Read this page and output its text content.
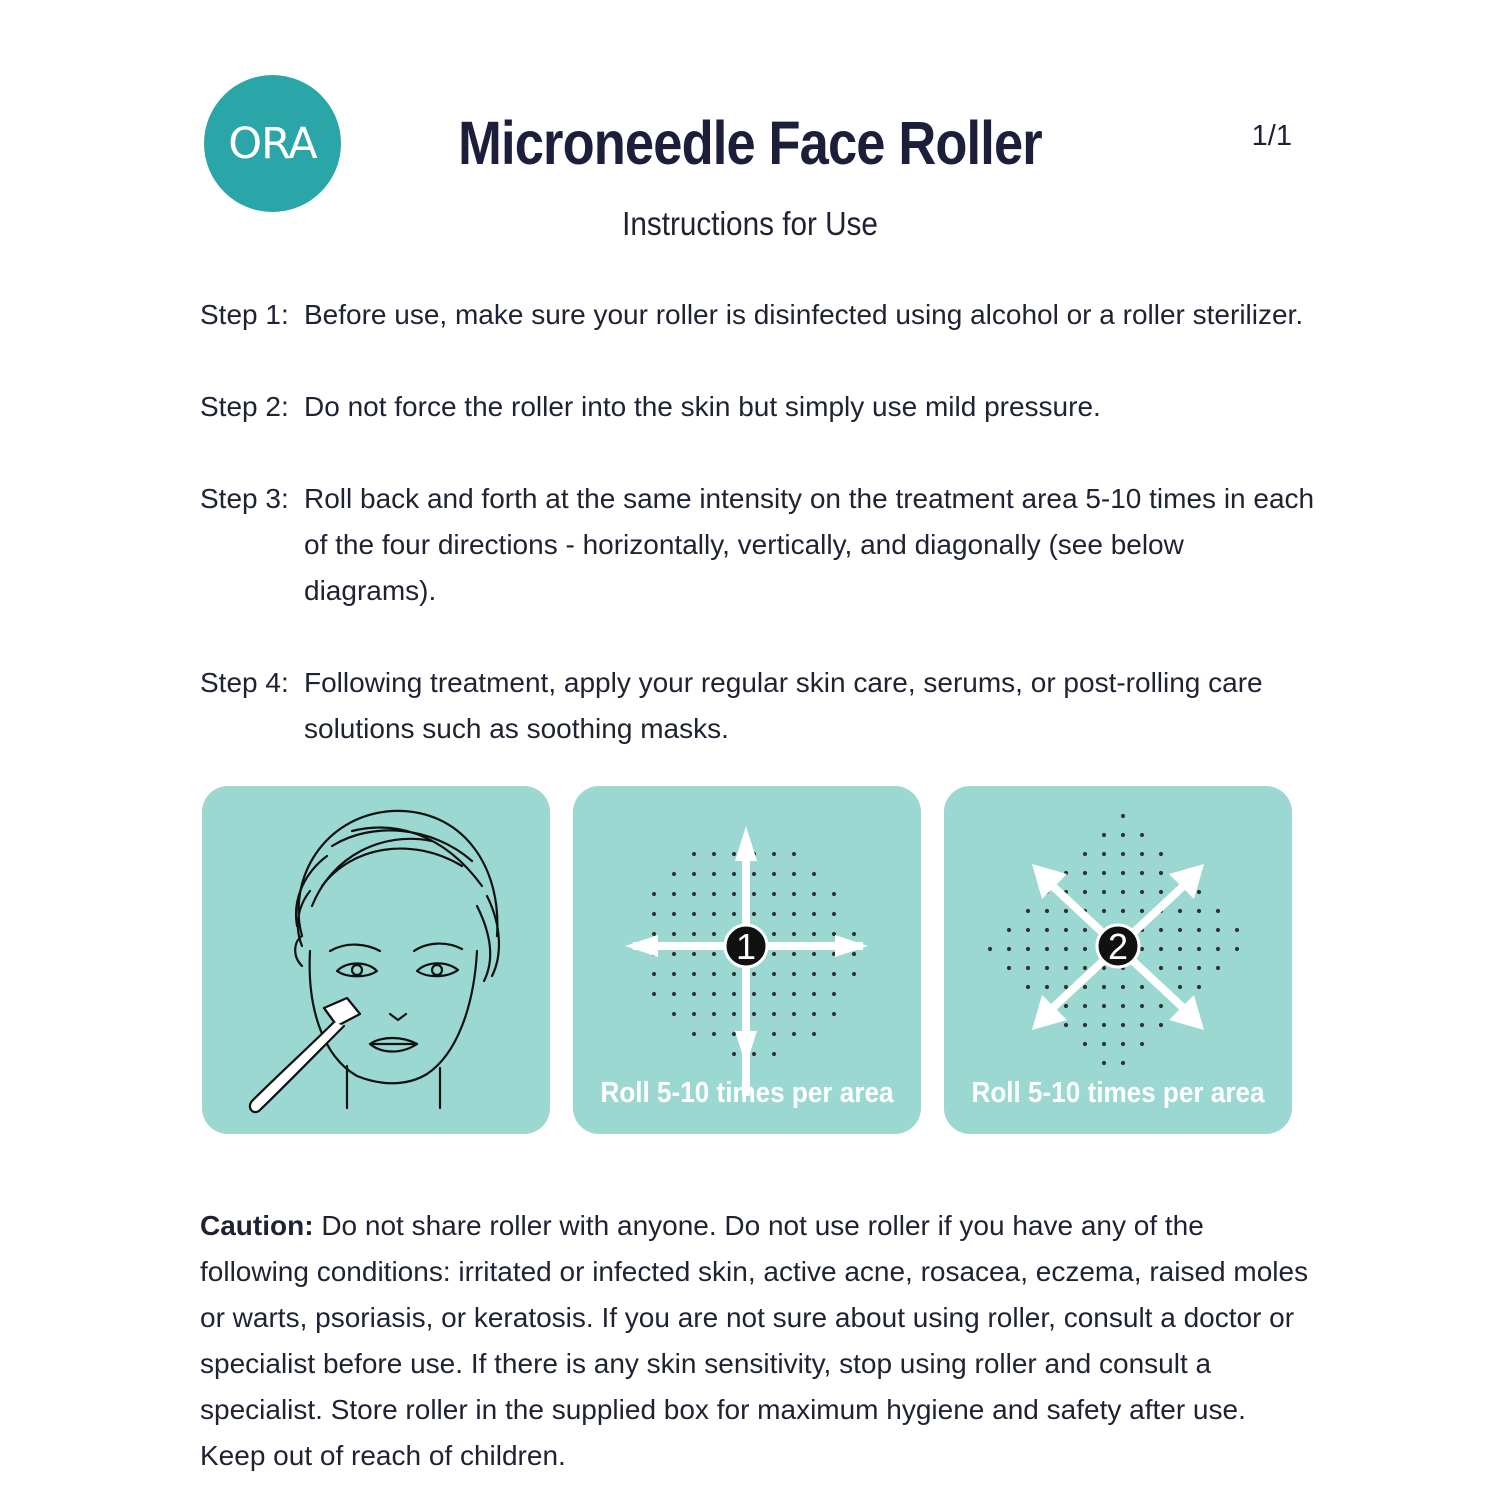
ORA	Microneedle Face Roller	1/1
Instructions for Use
Step 1: Before use, make sure your roller is disinfected using alcohol or a roller sterilizer.
Step 2: Do not force the roller into the skin but simply use mild pressure.
Step 3: Roll back and forth at the same intensity on the treatment area 5-10 times in each of the four directions - horizontally, vertically, and diagonally (see below diagrams).
Step 4: Following treatment, apply your regular skin care, serums, or post-rolling care solutions such as soothing masks.
1
Roll 5-10 times per area
2
Roll 5-10 times per area
Caution: Do not share roller with anyone. Do not use roller if you have any of the following conditions: irritated or infected skin, active acne, rosacea, eczema, raised moles or warts, psoriasis, or keratosis. If you are not sure about using roller, consult a doctor or specialist before use. If there is any skin sensitivity, stop using roller and consult a specialist. Store roller in the supplied box for maximum hygiene and safety after use. Keep out of reach of children.
